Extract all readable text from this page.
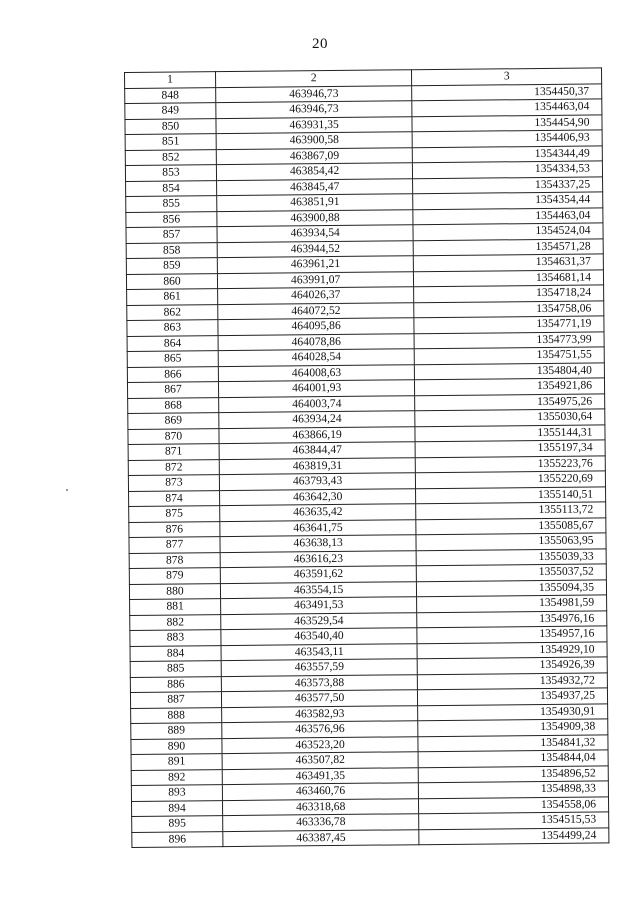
20
1	2	3
848	463946,73	1354450,37
849	463946,73	1354463,04
850	463931,35	1354454,90
851	463900,58	1354406,93
852	463867,09	1354344,49
853	463854,42	1354334,53
854	463845,47	1354337,25
855	463851,91	1354354,44
856	463900,88	1354463,04
857	463934,54	1354524,04
858	463944,52	1354571,28
859	463961,21	1354631,37
860	463991,07	1354681,14
861	464026,37	1354718,24
862	464072,52	1354758,06
863	464095,86	1354771,19
864	464078,86	1354773,99
865	464028,54	1354751,55
866	464008,63	1354804,40
867	464001,93	1354921,86
868	464003,74	1354975,26
869	463934,24	1355030,64
870	463866,19	1355144,31
871	463844,47	1355197,34
872	463819,31	1355223,76
873	463793,43	1355220,69
874	463642,30	1355140,51
875	463635,42	1355113,72
876	463641,75	1355085,67
877	463638,13	1355063,95
878	463616,23	1355039,33
879	463591,62	1355037,52
880	463554,15	1355094,35
881	463491,53	1354981,59
882	463529,54	1354976,16
883	463540,40	1354957,16
884	463543,11	1354929,10
885	463557,59	1354926,39
886	463573,88	1354932,72
887	463577,50	1354937,25
888	463582,93	1354930,91
889	463576,96	1354909,38
890	463523,20	1354841,32
891	463507,82	1354844,04
892	463491,35	1354896,52
893	463460,76	1354898,33
894	463318,68	1354558,06
895	463336,78	1354515,53
896	463387,45	1354499,24
